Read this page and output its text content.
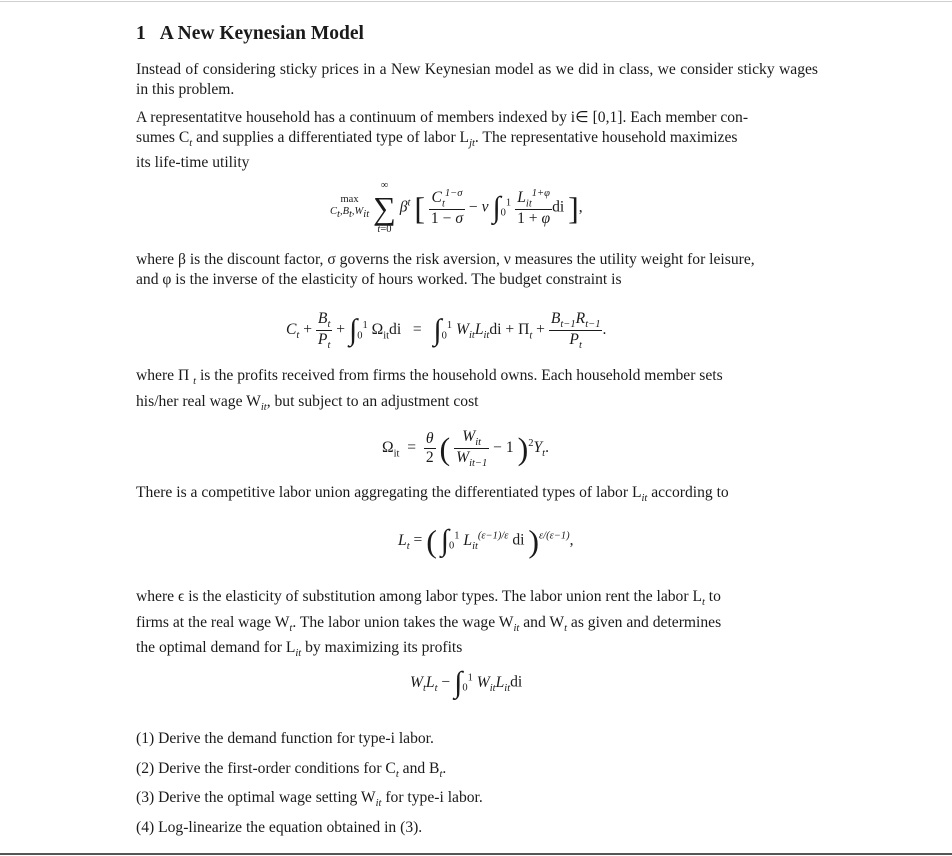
1 A New Keynesian Model
Instead of considering sticky prices in a New Keynesian model as we did in class, we consider sticky wages in this problem.
A representatitve household has a continuum of members indexed by i∈ [0,1]. Each member con-
sumes $C_t$ and supplies a differentiated type of labor $L_{jt}$. The representative household maximizes
its life-time utility
max
$C_t,B_t,W_{it}$ ∞
∑
t=0 $\beta^t$ [ $\frac{C_t^{1-\sigma}}{1 - \sigma} - \nu$ $\int_0^1 \frac{L_{it}^{1+\varphi}}{1 + \varphi}$ di ],
where β is the discount factor, σ governs the risk aversion, ν measures the utility weight for leisure,
and φ is the inverse of the elasticity of hours worked. The budget constraint is
$C_t + \frac{B_t}{P_t} + \int_0^1$ $\Omega_{it}di = \int_0^1$ $W_{it}L_{it}di + \Pi_t + \frac{B_{t-1}R_{t-1}}{P_t}$ .
where Π $_t$ is the profits received from firms the household owns. Each household member sets
his/her real wage $W_{it}$, but subject to an adjustment cost
$\Omega_{it} = \frac{\theta}{2}$ ( $\frac{W_{it}}{W_{it-1}} - 1$ )$^2Y_t$.
There is a competitive labor union aggregating the differentiated types of labor $L_{it}$ according to
$L_t$ = ( $\int_0^1$ $L_{it}^{(\varepsilon-1)/\varepsilon}$ di )$^{\varepsilon/(\varepsilon-1)}$,
where ϵ is the elasticity of substitution among labor types. The labor union rent the labor $L_t$ to
firms at the real wage $W_t$. The labor union takes the wage $W_{it}$ and $W_t$ as given and determines
the optimal demand for $L_{it}$ by maximizing its profits
$W_tL_t - \int_0^1$ $W_{it}L_{it}di$
(1) Derive the demand function for type-i labor.
(2) Derive the first-order conditions for $C_t$ and $B_t$.
(3) Derive the optimal wage setting $W_{it}$ for type-i labor.
(4) Log-linearize the equation obtained in (3).
